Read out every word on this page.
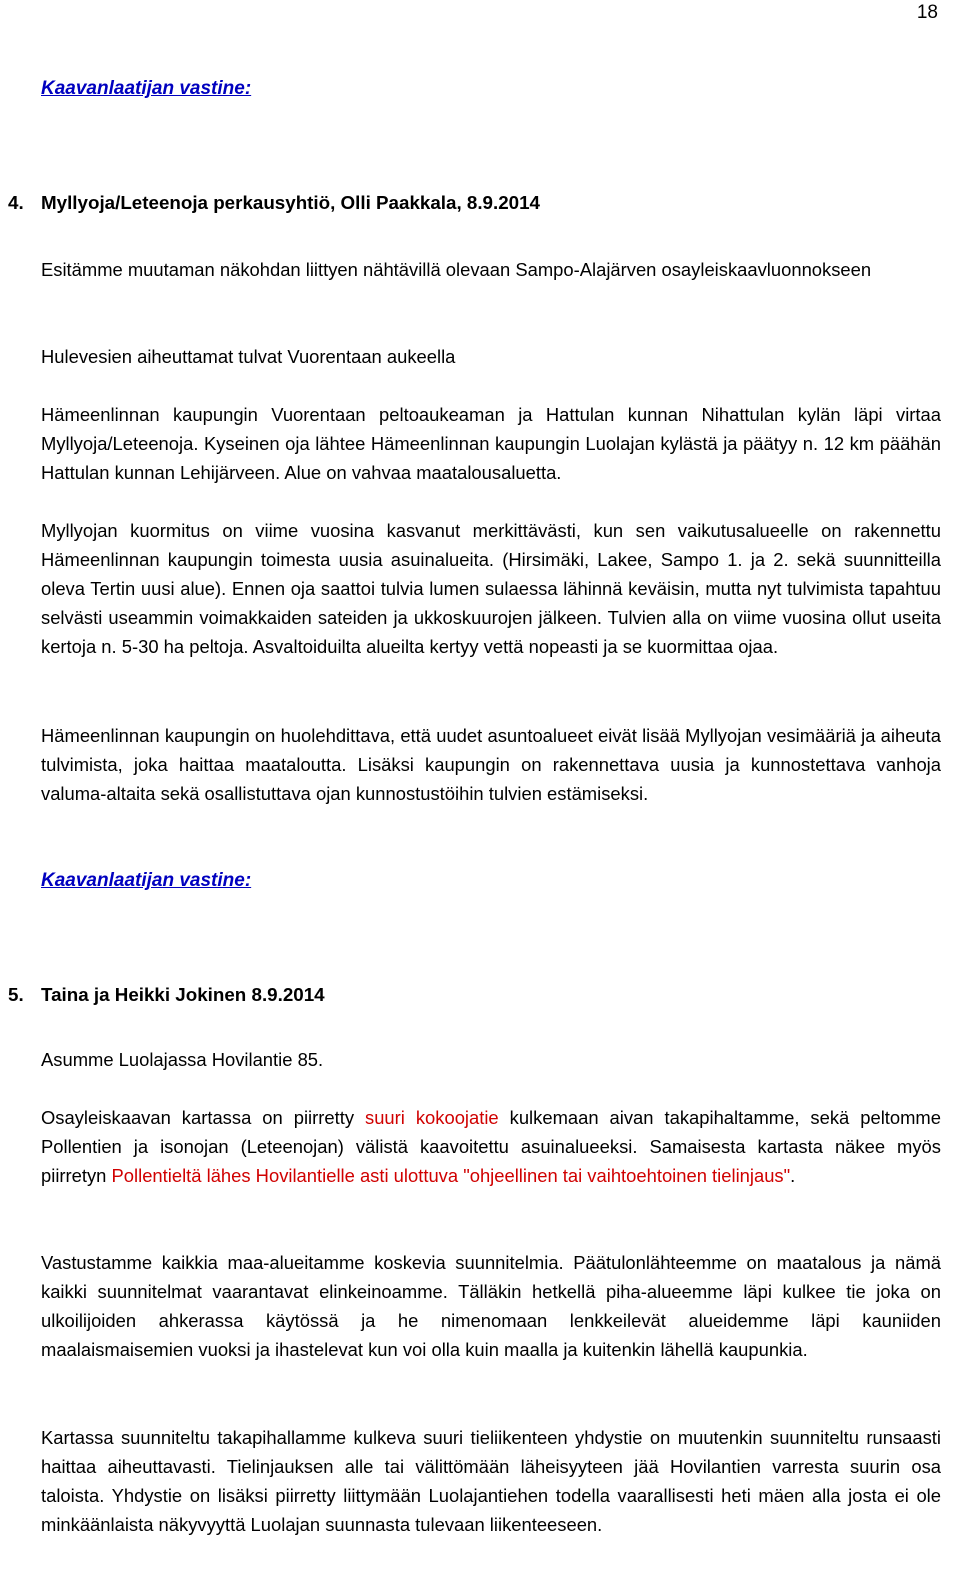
18
Kaavanlaatijan vastine:
4. Myllyoja/Leteenoja perkausyhtiö, Olli Paakkala, 8.9.2014

Esitämme muutaman näkohdan liittyen nähtävillä olevaan Sampo-Alajärven osayleiskaavluonnokseen

Hulevesien aiheuttamat tulvat Vuorentaan aukeella

Hämeenlinnan kaupungin Vuorentaan peltoaukeaman ja Hattulan kunnan Nihattulan kylän läpi virtaa Myllyoja/Leteenoja. Kyseinen oja lähtee Hämeenlinnan kaupungin Luolajan kylästä ja päätyy n. 12 km päähän Hattulan kunnan Lehijärveen. Alue on vahvaa maatalousaluetta.

Myllyojan kuormitus on viime vuosina kasvanut merkittävästi, kun sen vaikutusalueelle on rakennettu Hämeenlinnan kaupungin toimesta uusia asuinalueita. (Hirsimäki, Lakee, Sampo 1. ja 2. sekä suunnitteilla oleva Tertin uusi alue). Ennen oja saattoi tulvia lumen sulaessa lähinnä keväisin, mutta nyt tulvimista tapahtuu selvästi useammin voimakkaiden sateiden ja ukkoskuurojen jälkeen. Tulvien alla on viime vuosina ollut useita kertoja n. 5-30 ha peltoja. Asvaltoiduilta alueilta kertyy vettä nopeasti ja se kuormittaa ojaa.

Hämeenlinnan kaupungin on huolehdittava, että uudet asuntoalueet eivät lisää Myllyojan vesimääriä ja aiheuta tulvimista, joka haittaa maataloutta. Lisäksi kaupungin on rakennettava uusia ja kunnostettava vanhoja valuma-altaita sekä osallistuttava ojan kunnostustöihin tulvien estämiseksi.

Kaavanlaatijan vastine:
5. Taina ja Heikki Jokinen 8.9.2014

Asumme Luolajassa Hovilantie 85.

Osayleiskaavan kartassa on piirretty suuri kokoojatie kulkemaan aivan takapihaltamme, sekä peltomme Pollentien ja isonojan (Leteenojan) välistä kaavoitettu asuinalueeksi. Samaisesta kartasta näkee myös piirretyn Pollentieltä lähes Hovilantielle asti ulottuva "ohjeellinen tai vaihtoehtoinen tielinjaus".

Vastustamme kaikkia maa-alueitamme koskevia suunnitelmia. Päätulonlähteemme on maatalous ja nämä kaikki suunnitelmat vaarantavat elinkeinoamme. Tälläkin hetkellä piha-alueemme läpi kulkee tie joka on ulkoilijoiden ahkerassa käytössä ja he nimenomaan lenkkeilevät alueidemme läpi kauniiden maalaismaisemien vuoksi ja ihastelevat kun voi olla kuin maalla ja kuitenkin lähellä kaupunkia.

Kartassa suunniteltu takapihallamme kulkeva suuri tieliikenteen yhdystie on muutenkin suunniteltu runsaasti haittaa aiheuttavasti. Tielinjauksen alle tai välittömään läheisyyteen jää Hovilantien varresta suurin osa taloista. Yhdystie on lisäksi piirretty liittymään Luolajantiehen todella vaarallisesti heti mäen alla josta ei ole minkäänlaista näkyvyyttä Luolajan suunnasta tulevaan liikenteeseen.
